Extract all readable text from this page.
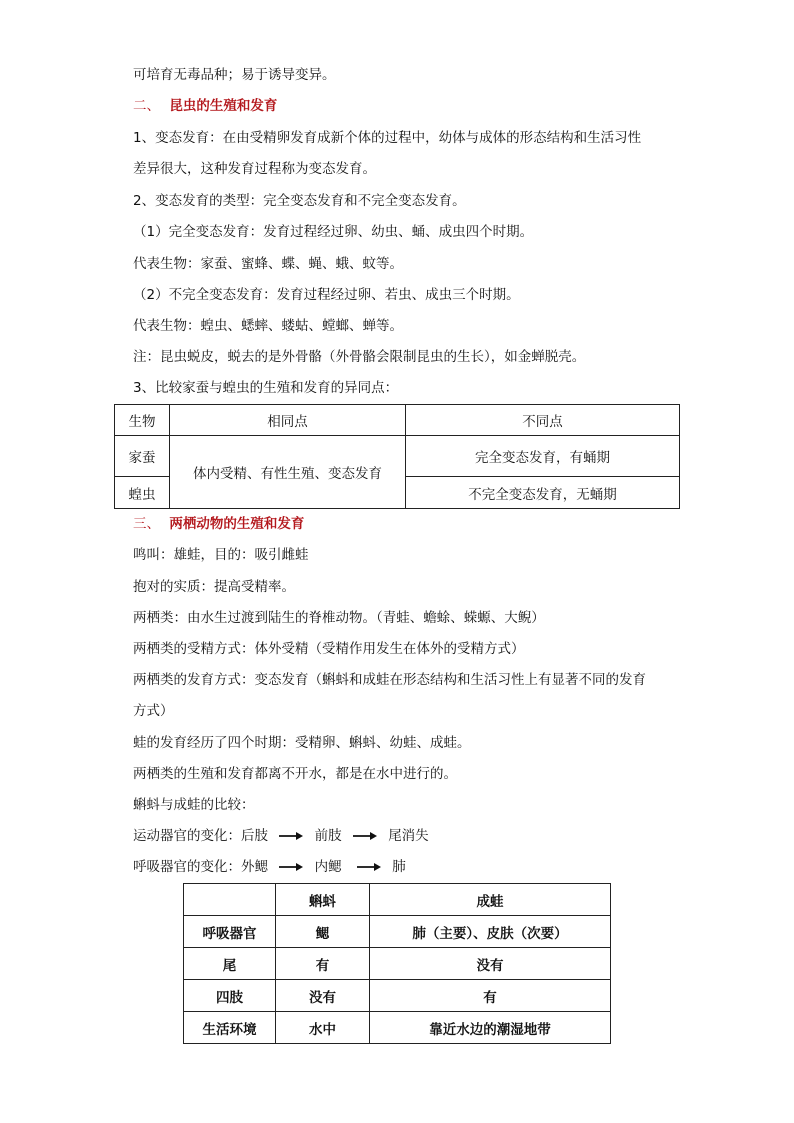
可培育无毒品种；易于诱导变异。
二、 昆虫的生殖和发育
1、变态发育：在由受精卵发育成新个体的过程中，幼体与成体的形态结构和生活习性
差异很大，这种发育过程称为变态发育。
2、变态发育的类型：完全变态发育和不完全变态发育。
（1）完全变态发育：发育过程经过卵、幼虫、蛹、成虫四个时期。
代表生物：家蚕、蜜蜂、蝶、蝇、蛾、蚊等。
（2）不完全变态发育：发育过程经过卵、若虫、成虫三个时期。
代表生物：蝗虫、蟋蟀、蝼蛄、螳螂、蝉等。
注：昆虫蜕皮，蜕去的是外骨骼（外骨骼会限制昆虫的生长），如金蝉脱壳。
3、比较家蚕与蝗虫的生殖和发育的异同点：
生物	相同点	不同点
家蚕	体内受精、有性生殖、变态发育	完全变态发育，有蛹期
蝗虫		不完全变态发育，无蛹期
三、 两栖动物的生殖和发育
鸣叫：雄蛙，目的：吸引雌蛙
抱对的实质：提高受精率。
两栖类：由水生过渡到陆生的脊椎动物。（青蛙、蟾蜍、蝾螈、大鲵）
两栖类的受精方式：体外受精（受精作用发生在体外的受精方式）
两栖类的发育方式：变态发育（蝌蚪和成蛙在形态结构和生活习性上有显著不同的发育
方式）
蛙的发育经历了四个时期：受精卵、蝌蚪、幼蛙、成蛙。
两栖类的生殖和发育都离不开水，都是在水中进行的。
蝌蚪与成蛙的比较：
运动器官的变化：后肢	前肢	尾消失
呼吸器官的变化：外鳃	内鳃	肺
	蝌蚪	成蛙
呼吸器官	鳃	肺（主要）、皮肤（次要）
尾	有	没有
四肢	没有	有
生活环境	水中	靠近水边的潮湿地带
